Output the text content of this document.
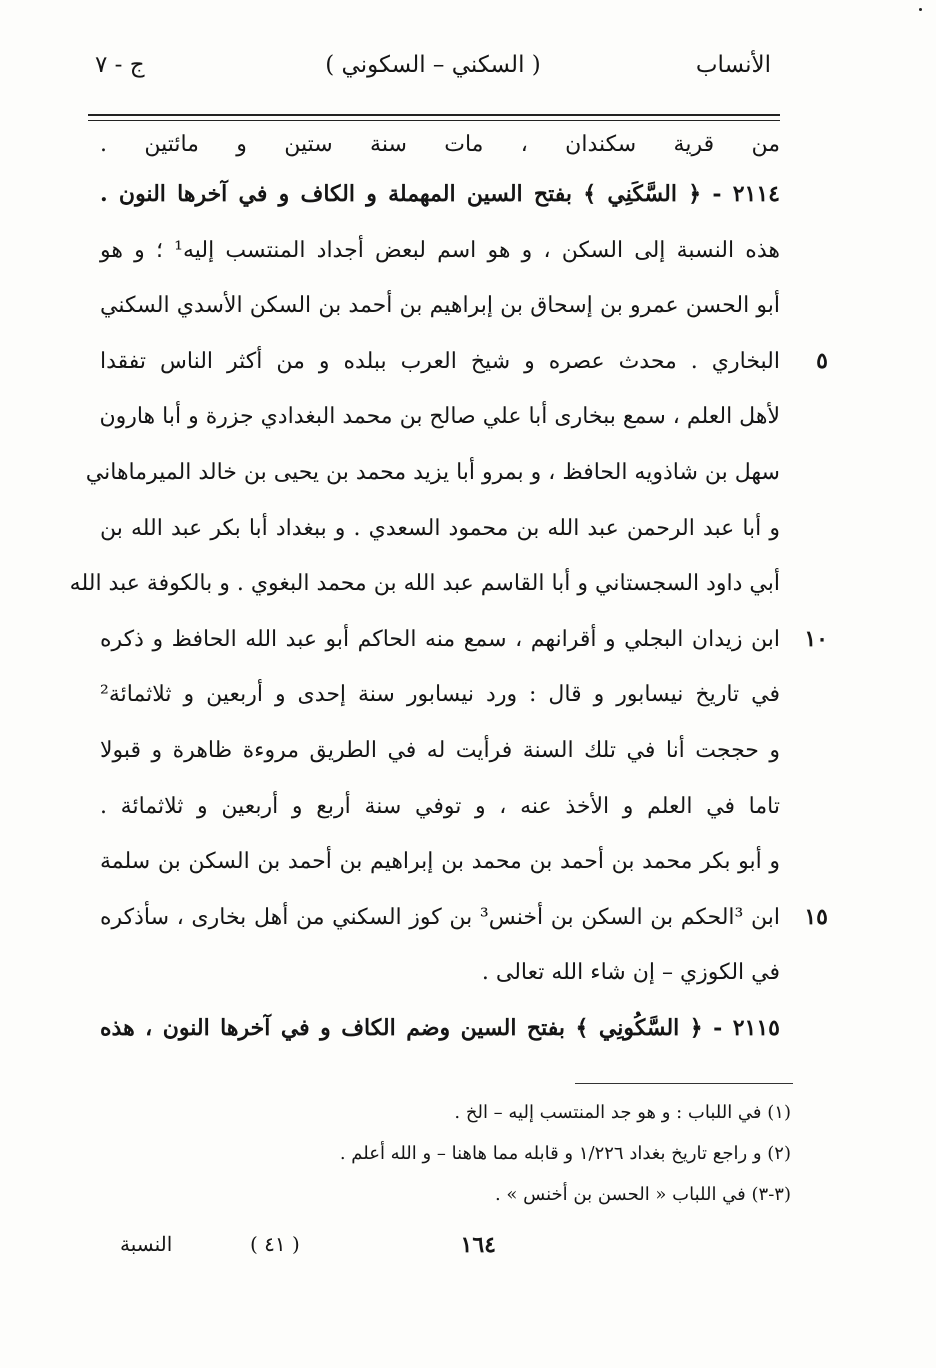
الأنساب
( السكني – السكوني )
ج - ٧
من قرية سكندان ، مات سنة ستين و مائتين .
٢١١٤ - ﴿ السَّكَنِي ﴾ بفتح السين المهملة و الكاف و في آخرها النون .
هذه النسبة إلى السكن ، و هو اسم لبعض أجداد المنتسب إليه¹ ؛ و هو
أبو الحسن عمرو بن إسحاق بن إبراهيم بن أحمد بن السكن الأسدي السكني
البخاري . محدث عصره و شيخ العرب ببلده و من أكثر الناس تفقدا ٥
لأهل العلم ، سمع ببخارى أبا علي صالح بن محمد البغدادي جزرة و أبا هارون
سهل بن شاذويه الحافظ ، و بمرو أبا يزيد محمد بن يحيى بن خالد الميرماهاني
و أبا عبد الرحمن عبد الله بن محمود السعدي . و ببغداد أبا بكر عبد الله بن
أبي داود السجستاني و أبا القاسم عبد الله بن محمد البغوي . و بالكوفة عبد الله
ابن زيدان البجلي و أقرانهم ، سمع منه الحاكم أبو عبد الله الحافظ و ذكره ١٠
في تاريخ نيسابور و قال : ورد نيسابور سنة إحدى و أربعين و ثلاثمائة²
و حججت أنا في تلك السنة فرأيت له في الطريق مروءة ظاهرة و قبولا
تاما في العلم و الأخذ عنه ، و توفي سنة أربع و أربعين و ثلاثمائة .
و أبو بكر محمد بن أحمد بن محمد بن إبراهيم بن أحمد بن السكن بن سلمة
ابن ³الحكم بن السكن بن أخنس³ بن كوز السكني من أهل بخارى ، سأذكره ١٥
في الكوزي – إن شاء الله تعالى .
٢١١٥ - ﴿ السَّكُونِي ﴾ بفتح السين وضم الكاف و في آخرها النون ، هذه
(١) في اللباب : و هو جد المنتسب إليه – الخ .
(٢) و راجع تاريخ بغداد ١/٢٢٦ و قابله مما هاهنا – و الله أعلم .
(٣-٣) في اللباب « الحسن بن أخنس » .
١٦٤
( ٤١ )
النسبة
